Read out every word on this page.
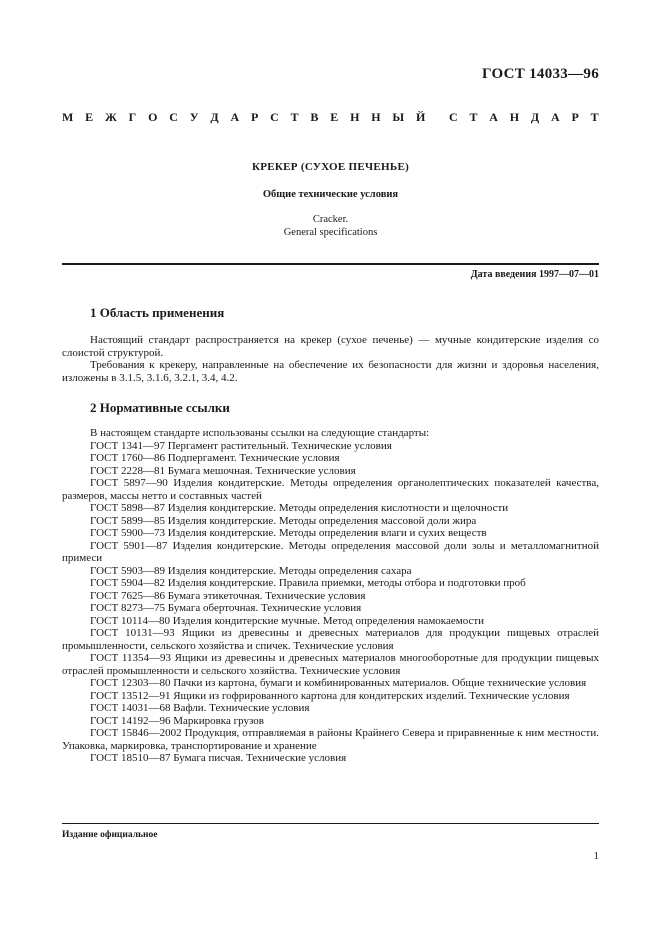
ГОСТ 14033—96
М Е Ж Г О С У Д А Р С Т В Е Н Н Ы Й С Т А Н Д А Р Т
КРЕКЕР (СУХОЕ ПЕЧЕНЬЕ)
Общие технические условия
Cracker.
General specifications
Дата введения 1997—07—01
1 Область применения

Настоящий стандарт распространяется на крекер (сухое печенье) — мучные кондитерские изделия со слоистой структурой.

Требования к крекеру, направленные на обеспечение их безопасности для жизни и здоровья населения, изложены в 3.1.5, 3.1.6, 3.2.1, 3.4, 4.2.

2 Нормативные ссылки

В настоящем стандарте использованы ссылки на следующие стандарты:

ГОСТ 1341—97 Пергамент растительный. Технические условия

ГОСТ 1760—86 Подпергамент. Технические условия

ГОСТ 2228—81 Бумага мешочная. Технические условия

ГОСТ 5897—90 Изделия кондитерские. Методы определения органолептических показателей качества, размеров, массы нетто и составных частей

ГОСТ 5898—87 Изделия кондитерские. Методы определения кислотности и щелочности

ГОСТ 5899—85 Изделия кондитерские. Методы определения массовой доли жира

ГОСТ 5900—73 Изделия кондитерские. Методы определения влаги и сухих веществ

ГОСТ 5901—87 Изделия кондитерские. Методы определения массовой доли золы и металломагнитной примеси

ГОСТ 5903—89 Изделия кондитерские. Методы определения сахара

ГОСТ 5904—82 Изделия кондитерские. Правила приемки, методы отбора и подготовки проб

ГОСТ 7625—86 Бумага этикеточная. Технические условия

ГОСТ 8273—75 Бумага оберточная. Технические условия

ГОСТ 10114—80 Изделия кондитерские мучные. Метод определения намокаемости

ГОСТ 10131—93 Ящики из древесины и древесных материалов для продукции пищевых отраслей промышленности, сельского хозяйства и спичек. Технические условия

ГОСТ 11354—93 Ящики из древесины и древесных материалов многооборотные для продукции пищевых отраслей промышленности и сельского хозяйства. Технические условия

ГОСТ 12303—80 Пачки из картона, бумаги и комбинированных материалов. Общие технические условия

ГОСТ 13512—91 Ящики из гофрированного картона для кондитерских изделий. Технические условия

ГОСТ 14031—68 Вафли. Технические условия

ГОСТ 14192—96 Маркировка грузов

ГОСТ 15846—2002 Продукция, отправляемая в районы Крайнего Севера и приравненные к ним местности. Упаковка, маркировка, транспортирование и хранение

ГОСТ 18510—87 Бумага писчая. Технические условия

Издание официальное
1
